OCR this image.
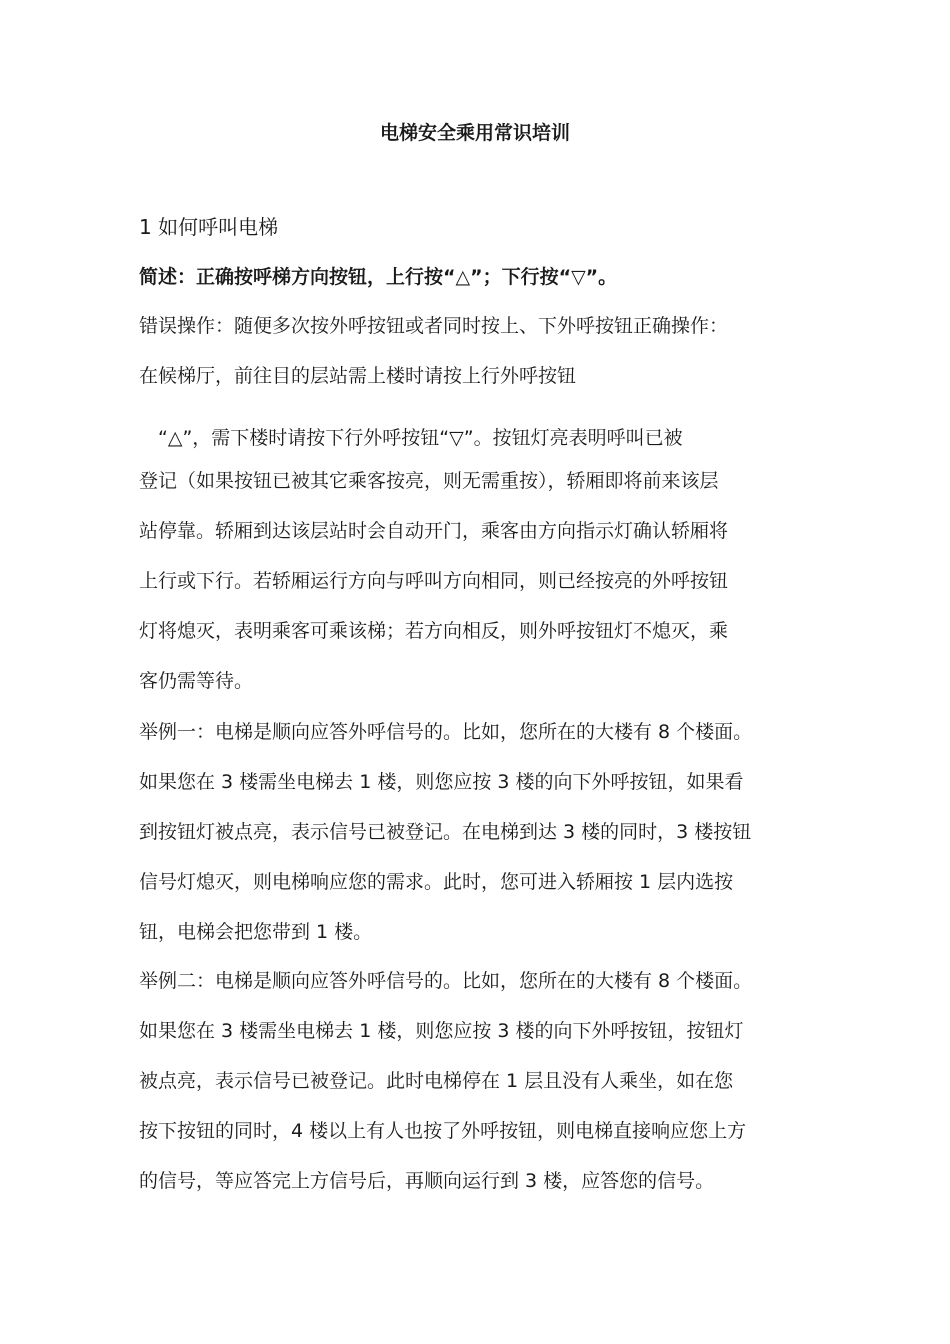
电梯安全乘用常识培训

1 如何呼叫电梯

简述：正确按呼梯方向按钮，上行按“△”；下行按“▽”。

错误操作：随便多次按外呼按钮或者同时按上、下外呼按钮正确操作：

在候梯厅，前往目的层站需上楼时请按上行外呼按钮

“△”，需下楼时请按下行外呼按钮“▽”。按钮灯亮表明呼叫已被

登记（如果按钮已被其它乘客按亮，则无需重按），轿厢即将前来该层

站停靠。轿厢到达该层站时会自动开门，乘客由方向指示灯确认轿厢将

上行或下行。若轿厢运行方向与呼叫方向相同，则已经按亮的外呼按钮

灯将熄灭，表明乘客可乘该梯；若方向相反，则外呼按钮灯不熄灭，乘

客仍需等待。

举例一：电梯是顺向应答外呼信号的。比如，您所在的大楼有 8 个楼面。

如果您在 3 楼需坐电梯去 1 楼，则您应按 3 楼的向下外呼按钮，如果看

到按钮灯被点亮，表示信号已被登记。在电梯到达 3 楼的同时，3 楼按钮

信号灯熄灭，则电梯响应您的需求。此时，您可进入轿厢按 1 层内选按

钮，电梯会把您带到 1 楼。

举例二：电梯是顺向应答外呼信号的。比如，您所在的大楼有 8 个楼面。

如果您在 3 楼需坐电梯去 1 楼，则您应按 3 楼的向下外呼按钮，按钮灯

被点亮，表示信号已被登记。此时电梯停在 1 层且没有人乘坐，如在您

按下按钮的同时，4 楼以上有人也按了外呼按钮，则电梯直接响应您上方

的信号，等应答完上方信号后，再顺向运行到 3 楼，应答您的信号。
